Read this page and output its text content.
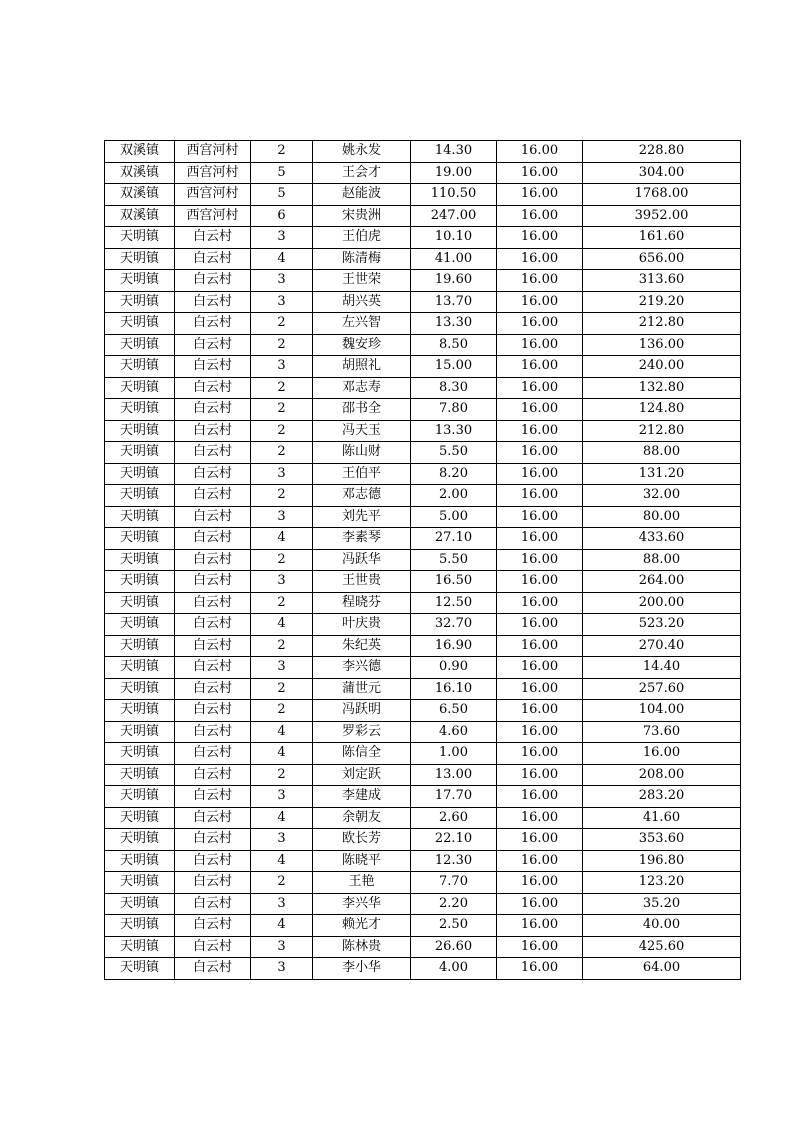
双溪镇	西宫河村	2	姚永发	14.30	16.00	228.80
双溪镇	西宫河村	5	王会才	19.00	16.00	304.00
双溪镇	西宫河村	5	赵能波	110.50	16.00	1768.00
双溪镇	西宫河村	6	宋贵洲	247.00	16.00	3952.00
天明镇	白云村	3	王伯虎	10.10	16.00	161.60
天明镇	白云村	4	陈清梅	41.00	16.00	656.00
天明镇	白云村	3	王世荣	19.60	16.00	313.60
天明镇	白云村	3	胡兴英	13.70	16.00	219.20
天明镇	白云村	2	左兴智	13.30	16.00	212.80
天明镇	白云村	2	魏安珍	8.50	16.00	136.00
天明镇	白云村	3	胡照礼	15.00	16.00	240.00
天明镇	白云村	2	邓志寿	8.30	16.00	132.80
天明镇	白云村	2	邵书全	7.80	16.00	124.80
天明镇	白云村	2	冯天玉	13.30	16.00	212.80
天明镇	白云村	2	陈山财	5.50	16.00	88.00
天明镇	白云村	3	王伯平	8.20	16.00	131.20
天明镇	白云村	2	邓志德	2.00	16.00	32.00
天明镇	白云村	3	刘先平	5.00	16.00	80.00
天明镇	白云村	4	李素琴	27.10	16.00	433.60
天明镇	白云村	2	冯跃华	5.50	16.00	88.00
天明镇	白云村	3	王世贵	16.50	16.00	264.00
天明镇	白云村	2	程晓芬	12.50	16.00	200.00
天明镇	白云村	4	叶庆贵	32.70	16.00	523.20
天明镇	白云村	2	朱纪英	16.90	16.00	270.40
天明镇	白云村	3	李兴德	0.90	16.00	14.40
天明镇	白云村	2	蒲世元	16.10	16.00	257.60
天明镇	白云村	2	冯跃明	6.50	16.00	104.00
天明镇	白云村	4	罗彩云	4.60	16.00	73.60
天明镇	白云村	4	陈信全	1.00	16.00	16.00
天明镇	白云村	2	刘定跃	13.00	16.00	208.00
天明镇	白云村	3	李建成	17.70	16.00	283.20
天明镇	白云村	4	余朝友	2.60	16.00	41.60
天明镇	白云村	3	欧长芳	22.10	16.00	353.60
天明镇	白云村	4	陈晓平	12.30	16.00	196.80
天明镇	白云村	2	王艳	7.70	16.00	123.20
天明镇	白云村	3	李兴华	2.20	16.00	35.20
天明镇	白云村	4	赖光才	2.50	16.00	40.00
天明镇	白云村	3	陈林贵	26.60	16.00	425.60
天明镇	白云村	3	李小华	4.00	16.00	64.00
